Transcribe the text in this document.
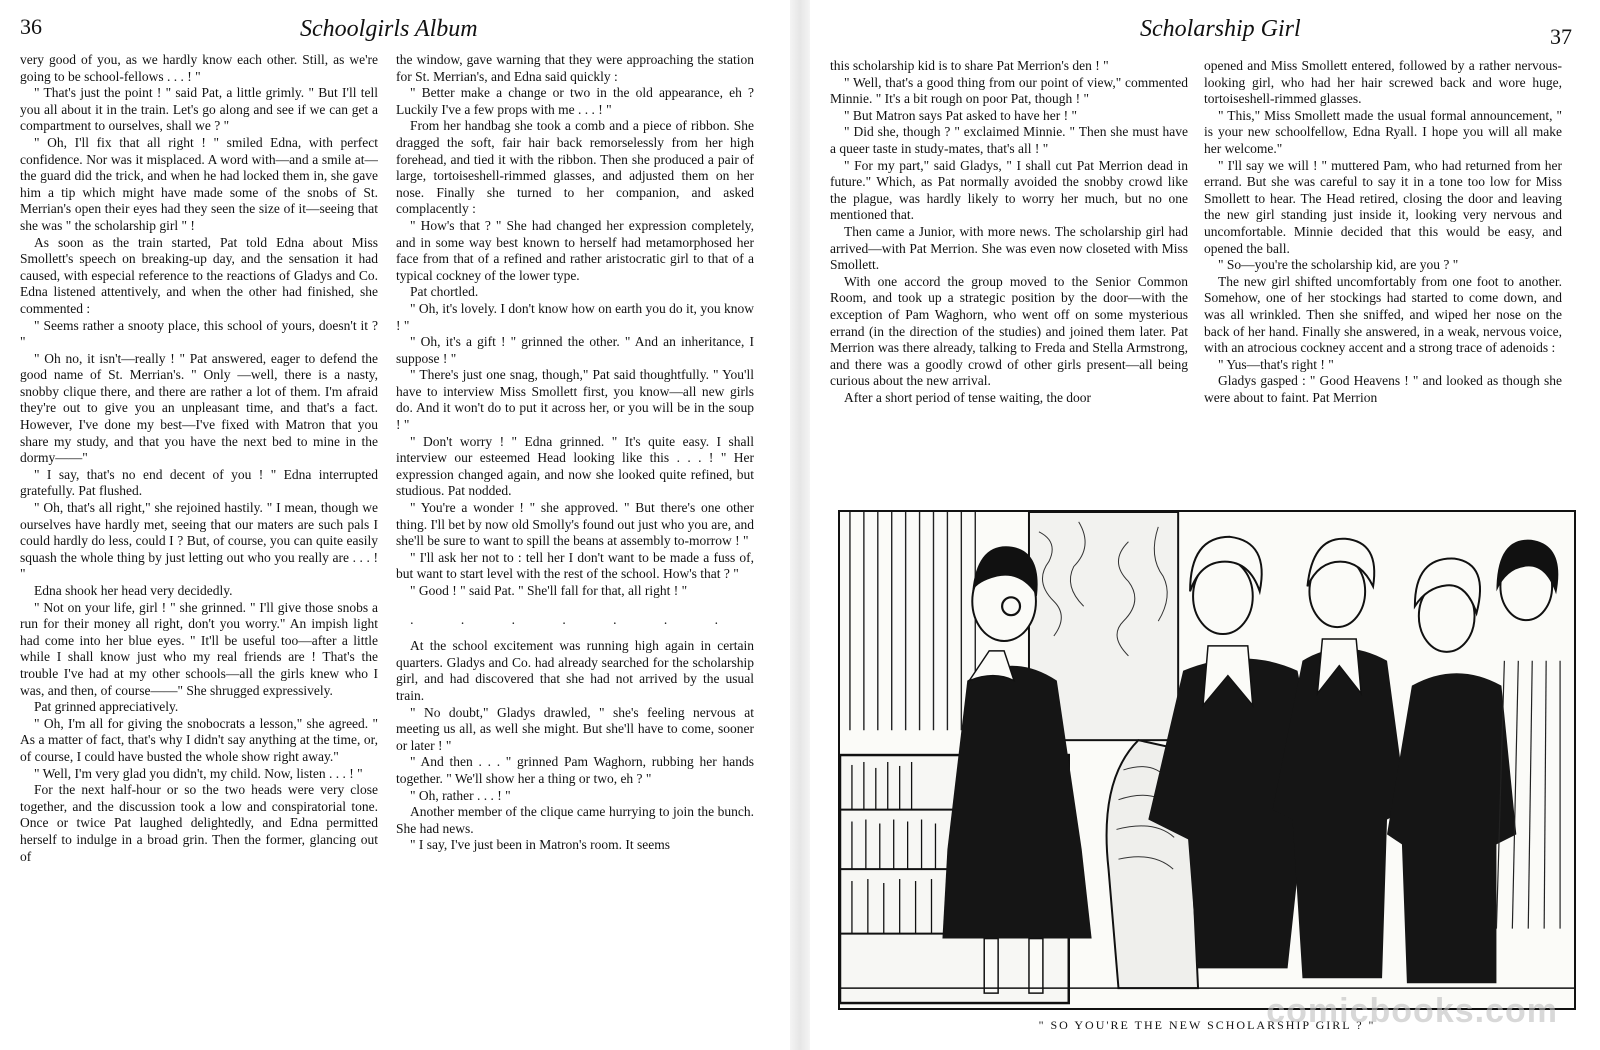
36	Schoolgirls Album

very good of you, as we hardly know each other. Still, as we're going to be school-fellows . . . ! "

" That's just the point ! " said Pat, a little grimly. " But I'll tell you all about it in the train. Let's go along and see if we can get a compartment to ourselves, shall we ? "

" Oh, I'll fix that all right ! " smiled Edna, with perfect confidence. Nor was it misplaced. A word with—and a smile at—the guard did the trick, and when he had locked them in, she gave him a tip which might have made some of the snobs of St. Merrian's open their eyes had they seen the size of it—seeing that she was " the scholarship girl " !

As soon as the train started, Pat told Edna about Miss Smollett's speech on breaking-up day, and the sensation it had caused, with especial reference to the reactions of Gladys and Co. Edna listened attentively, and when the other had finished, she commented :

" Seems rather a snooty place, this school of yours, doesn't it ? "

" Oh no, it isn't—really ! " Pat answered, eager to defend the good name of St. Merrian's. " Only —well, there is a nasty, snobby clique there, and there are rather a lot of them. I'm afraid they're out to give you an unpleasant time, and that's a fact. However, I've done my best—I've fixed with Matron that you share my study, and that you have the next bed to mine in the dormy——"

" I say, that's no end decent of you ! " Edna interrupted gratefully. Pat flushed.

" Oh, that's all right," she rejoined hastily. " I mean, though we ourselves have hardly met, seeing that our maters are such pals I could hardly do less, could I ? But, of course, you can quite easily squash the whole thing by just letting out who you really are . . . ! "

Edna shook her head very decidedly.

" Not on your life, girl ! " she grinned. " I'll give those snobs a run for their money all right, don't you worry." An impish light had come into her blue eyes. " It'll be useful too—after a little while I shall know just who my real friends are ! That's the trouble I've had at my other schools—all the girls knew who I was, and then, of course——" She shrugged expressively.

Pat grinned appreciatively.

" Oh, I'm all for giving the snobocrats a lesson," she agreed. " As a matter of fact, that's why I didn't say anything at the time, or, of course, I could have busted the whole show right away."

" Well, I'm very glad you didn't, my child. Now, listen . . . ! "

For the next half-hour or so the two heads were very close together, and the discussion took a low and conspiratorial tone. Once or twice Pat laughed delightedly, and Edna permitted herself to indulge in a broad grin. Then the former, glancing out of

the window, gave warning that they were approaching the station for St. Merrian's, and Edna said quickly :

" Better make a change or two in the old appearance, eh ? Luckily I've a few props with me . . . ! "

From her handbag she took a comb and a piece of ribbon. She dragged the soft, fair hair back remorselessly from her high forehead, and tied it with the ribbon. Then she produced a pair of large, tortoiseshell-rimmed glasses, and adjusted them on her nose. Finally she turned to her companion, and asked complacently :

" How's that ? " She had changed her expression completely, and in some way best known to herself had metamorphosed her face from that of a refined and rather aristocratic girl to that of a typical cockney of the lower type.

Pat chortled.

" Oh, it's lovely. I don't know how on earth you do it, you know ! "

" Oh, it's a gift ! " grinned the other. " And an inheritance, I suppose ! "

" There's just one snag, though," Pat said thoughtfully. " You'll have to interview Miss Smollett first, you know—all new girls do. And it won't do to put it across her, or you will be in the soup ! "

" Don't worry ! " Edna grinned. " It's quite easy. I shall interview our esteemed Head looking like this . . . ! " Her expression changed again, and now she looked quite refined, but studious. Pat nodded.

" You're a wonder ! " she approved. " But there's one other thing. I'll bet by now old Smolly's found out just who you are, and she'll be sure to want to spill the beans at assembly to-morrow ! "

" I'll ask her not to : tell her I don't want to be made a fuss of, but want to start level with the rest of the school. How's that ? "

" Good ! " said Pat. " She'll fall for that, all right ! "

. . . . . . .

At the school excitement was running high again in certain quarters. Gladys and Co. had already searched for the scholarship girl, and had discovered that she had not arrived by the usual train.

" No doubt," Gladys drawled, " she's feeling nervous at meeting us all, as well she might. But she'll have to come, sooner or later ! "

" And then . . . " grinned Pam Waghorn, rubbing her hands together. " We'll show her a thing or two, eh ? "

" Oh, rather . . . ! "

Another member of the clique came hurrying to join the bunch. She had news.

" I say, I've just been in Matron's room. It seems

Scholarship Girl	37

this scholarship kid is to share Pat Merrion's den ! "

" Well, that's a good thing from our point of view," commented Minnie. " It's a bit rough on poor Pat, though ! "

" But Matron says Pat asked to have her ! "

" Did she, though ? " exclaimed Minnie. " Then she must have a queer taste in study-mates, that's all ! "

" For my part," said Gladys, " I shall cut Pat Merrion dead in future." Which, as Pat normally avoided the snobby crowd like the plague, was hardly likely to worry her much, but no one mentioned that.

Then came a Junior, with more news. The scholarship girl had arrived—with Pat Merrion. She was even now closeted with Miss Smollett.

With one accord the group moved to the Senior Common Room, and took up a strategic position by the door—with the exception of Pam Waghorn, who went off on some mysterious errand (in the direction of the studies) and joined them later. Pat Merrion was there already, talking to Freda and Stella Armstrong, and there was a goodly crowd of other girls present—all being curious about the new arrival.

After a short period of tense waiting, the door

opened and Miss Smollett entered, followed by a rather nervous-looking girl, who had her hair screwed back and wore huge, tortoiseshell-rimmed glasses.

" This," Miss Smollett made the usual formal announcement, " is your new schoolfellow, Edna Ryall. I hope you will all make her welcome."

" I'll say we will ! " muttered Pam, who had returned from her errand. But she was careful to say it in a tone too low for Miss Smollett to hear. The Head retired, closing the door and leaving the new girl standing just inside it, looking very nervous and uncomfortable. Minnie decided that this would be easy, and opened the ball.

" So—you're the scholarship kid, are you ? "

The new girl shifted uncomfortably from one foot to another. Somehow, one of her stockings had started to come down, and was all wrinkled. Then she sniffed, and wiped her nose on the back of her hand. Finally she answered, in a weak, nervous voice, with an atrocious cockney accent and a strong trace of adenoids :

" Yus—that's right ! "

Gladys gasped : " Good Heavens ! " and looked as though she were about to faint. Pat Merrion

" SO YOU'RE THE NEW SCHOLARSHIP GIRL ? "
comicbooks.com
